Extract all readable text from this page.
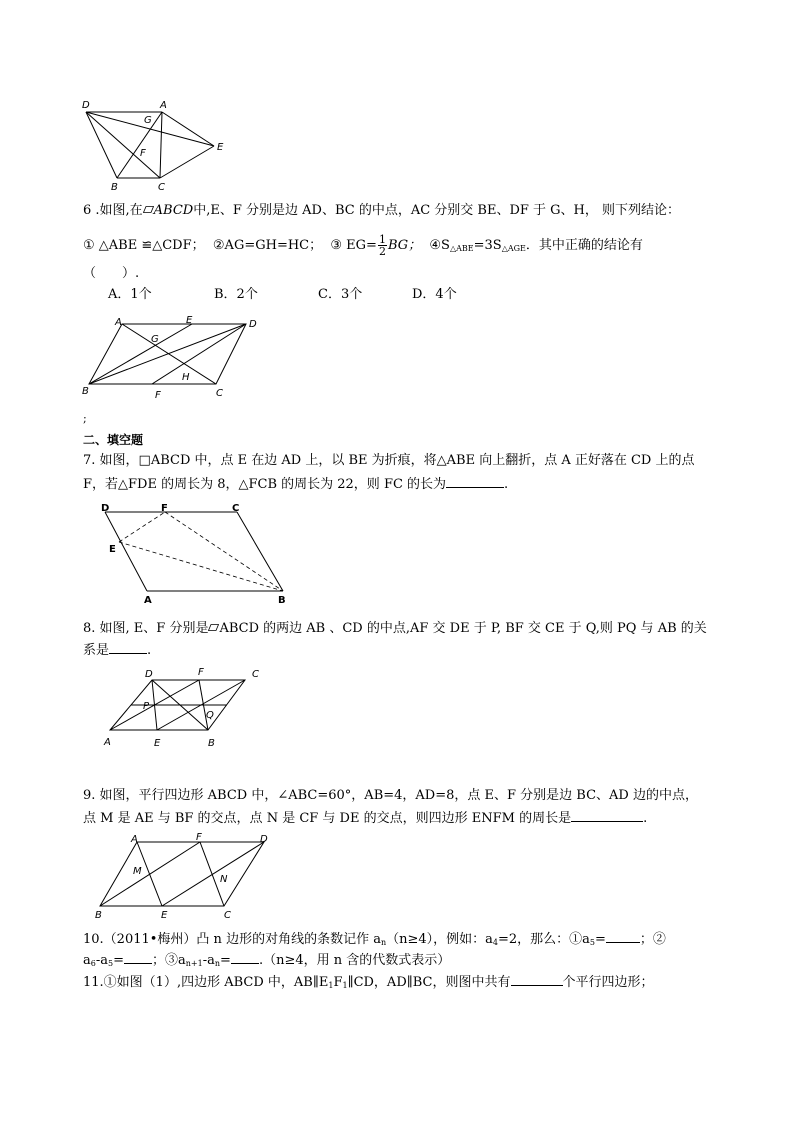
D	A
G
E
F
B	C
6 .如图,在 ABCD中,E、F 分别是边 AD、BC 的中点，AC 分别交 BE、DF 于 G、H， 则下列结论：
① △ABE ≌△CDF； ②AG=GH=HC； ③ $EG= \frac{1}{2}$ BG； $④S_{\triangle ABE}=3S_{\triangle AGE}$．其中正确的结论有
（　　）.
A．1个	B．2个	C．3个	D．4个
A	E	D
G
H
B	F	C
;
二、填空题
7. 如图，□ABCD 中，点 E 在边 AD 上，以 BE 为折痕，将△ABE 向上翻折，点 A 正好落在 CD 上的点
F，若△FDE 的周长为 8，△FCB 的周长为 22，则 FC 的长为	.
D	F	C
E
A	B
8. 如图, E、F 分别是 ABCD 的两边 AB 、CD 的中点,AF 交 DE 于 P, BF 交 CE 于 Q,则 PQ 与 AB 的关
系是	.
D	F	C
P
Q
A	E	B
9. 如图，平行四边形 ABCD 中，∠ABC=60°，AB=4，AD=8，点 E、F 分别是边 BC、AD 边的中点，
点 M 是 AE 与 BF 的交点，点 N 是 CF 与 DE 的交点，则四边形 ENFM 的周长是	.
A	F	D
M
N
B	E	C
10.（2011•梅州）凸 n 边形的对角线的条数记作 $a_n(n\ge 4)$，例如：$a_4=2$，那么：$①a_5=$	；②
$a_6-a_5=$ ；$③a_{n+1}-a_n= .(n\ge 4$，用 n 含的代数式表示）
11.①如图（1）,四边形 ABCD 中，$AB\parallel E_1F_1\parallel CD$，AD∥BC，则图中共有	个平行四边形；
